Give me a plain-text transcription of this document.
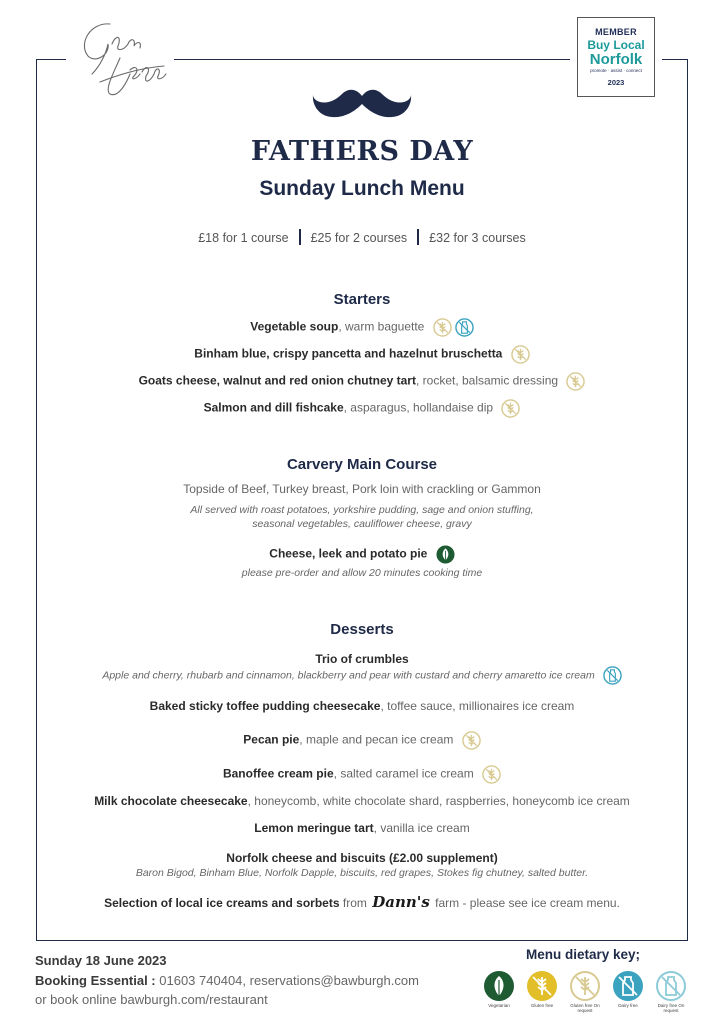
MEMBER
Buy Local
Norfolk
promote · assist · connect
2023
FATHERS DAY
Sunday Lunch Menu
£18 for 1 course £25 for 2 courses £32 for 3 courses
Starters
Vegetable soup, warm baguette
Binham blue, crispy pancetta and hazelnut bruschetta
Goats cheese, walnut and red onion chutney tart, rocket, balsamic dressing
Salmon and dill fishcake, asparagus, hollandaise dip
Carvery Main Course
Topside of Beef, Turkey breast, Pork loin with crackling or Gammon
All served with roast potatoes, yorkshire pudding, sage and onion stuffing,
seasonal vegetables, cauliflower cheese, gravy
Cheese, leek and potato pie
please pre-order and allow 20 minutes cooking time
Desserts
Trio of crumbles
Apple and cherry, rhubarb and cinnamon, blackberry and pear with custard and cherry amaretto ice cream
Baked sticky toffee pudding cheesecake, toffee sauce, millionaires ice cream
Pecan pie, maple and pecan ice cream
Banoffee cream pie, salted caramel ice cream
Milk chocolate cheesecake, honeycomb, white chocolate shard, raspberries, honeycomb ice cream
Lemon meringue tart, vanilla ice cream
Norfolk cheese and biscuits (£2.00 supplement)
Baron Bigod, Binham Blue, Norfolk Dapple, biscuits, red grapes, Stokes fig chutney, salted butter.
Selection of local ice creams and sorbets from Dann's farm - please see ice cream menu.
Sunday 18 June 2023
Booking Essential : 01603 740404, reservations@bawburgh.com
or book online bawburgh.com/restaurant
Menu dietary key;
Vegetarian	Gluten free	Gluten free On request
Dairy free	Dairy free On request
